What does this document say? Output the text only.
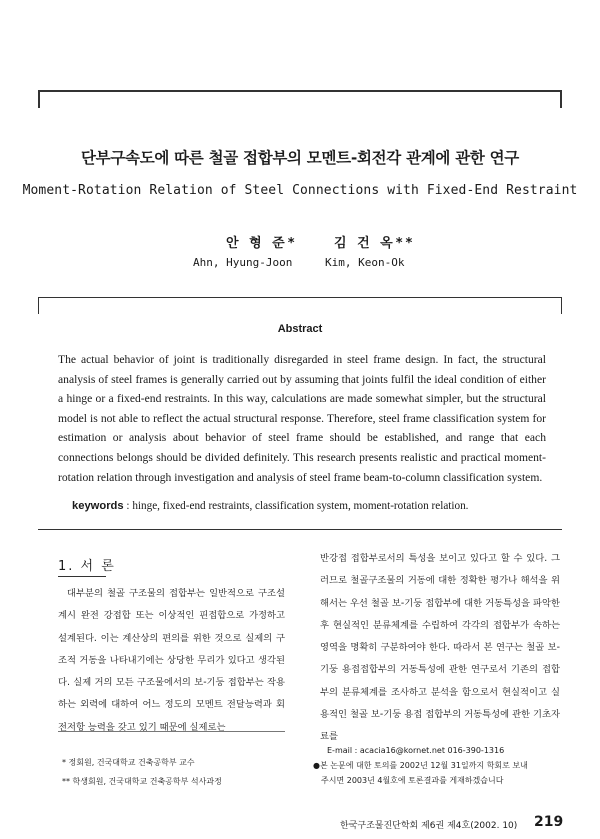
단부구속도에 따른 철골 접합부의 모멘트-회전각 관계에 관한 연구
Moment-Rotation Relation of Steel Connections with Fixed-End Restraint
안 형 준*	김 건 옥**
Ahn, Hyung-Joon	Kim, Keon-Ok
Abstract
The actual behavior of joint is traditionally disregarded in steel frame design. In fact, the structural analysis of steel frames is generally carried out by assuming that joints fulfil the ideal condition of either a hinge or a fixed-end restraints. In this way, calculations are made somewhat simpler, but the structural model is not able to reflect the actual structural response. Therefore, steel frame classification system for estimation or analysis about behavior of steel frame should be established, and range that each connections belongs should be divided definitely. This research presents realistic and practical moment-rotation relation through investigation and analysis of steel frame beam-to-column classification system.
keywords : hinge, fixed-end restraints, classification system, moment-rotation relation.
1. 서 론

대부분의 철골 구조물의 접합부는 일반적으로 구조설계시 완전 강접합 또는 이상적인 핀접합으로 가정하고 설계된다. 이는 계산상의 편의를 위한 것으로 실제의 구조적 거동을 나타내기에는 상당한 무리가 있다고 생각된다. 실제 거의 모든 구조물에서의 보-기둥 접합부는 작용하는 외력에 대하여 어느 정도의 모멘트 전달능력과 회전저항 능력을 갖고 있기 때문에 실제로는

반강접 접합부로서의 특성을 보이고 있다고 할 수 있다. 그러므로 철골구조물의 거동에 대한 정확한 평가나 해석을 위해서는 우선 철골 보-기둥 접합부에 대한 거동특성을 파악한 후 현실적인 분류체계를 수립하여 각각의 접합부가 속하는 영역을 명확히 구분하여야 한다. 따라서 본 연구는 철골 보-기둥 용접접합부의 거동특성에 관한 연구로서 기존의 접합부의 분류체계를 조사하고 분석을 함으로서 현실적이고 실용적인 철골 보-기둥 용접 접합부의 거동특성에 관한 기초자료를

* 정회원, 건국대학교 건축공학부 교수
** 학생회원, 건국대학교 건축공학부 석사과정
E-mail : acacia16@kornet.net 016-390-1316
●본 논문에 대한 토의를 2002년 12월 31일까지 학회로 보내
주시면 2003년 4월호에 토론결과를 게재하겠습니다
한국구조물진단학회 제6권 제4호(2002. 10) 219
